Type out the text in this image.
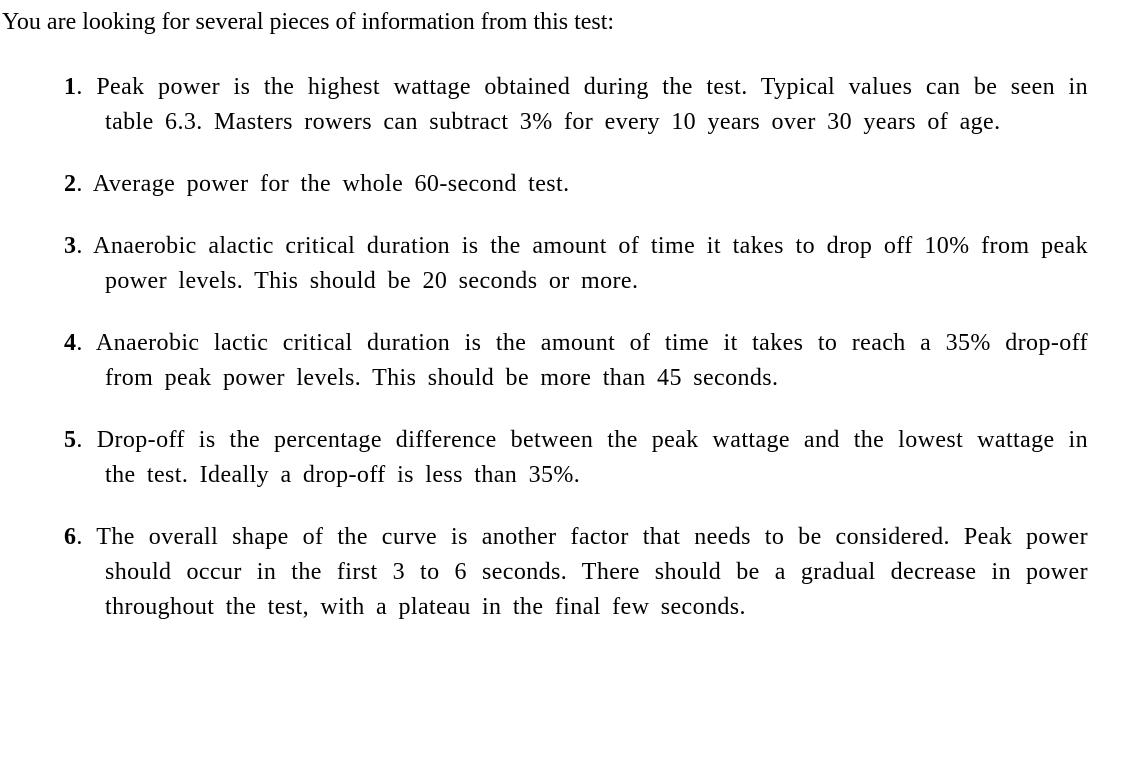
You are looking for several pieces of information from this test:

1. Peak power is the highest wattage obtained during the test. Typical values can be seen in table 6.3. Masters rowers can subtract 3% for every 10 years over 30 years of age.
2. Average power for the whole 60-second test.
3. Anaerobic alactic critical duration is the amount of time it takes to drop off 10% from peak power levels. This should be 20 seconds or more.
4. Anaerobic lactic critical duration is the amount of time it takes to reach a 35% drop-off from peak power levels. This should be more than 45 seconds.
5. Drop-off is the percentage difference between the peak wattage and the lowest wattage in the test. Ideally a drop-off is less than 35%.
6. The overall shape of the curve is another factor that needs to be considered. Peak power should occur in the first 3 to 6 seconds. There should be a gradual decrease in power throughout the test, with a plateau in the final few seconds.
